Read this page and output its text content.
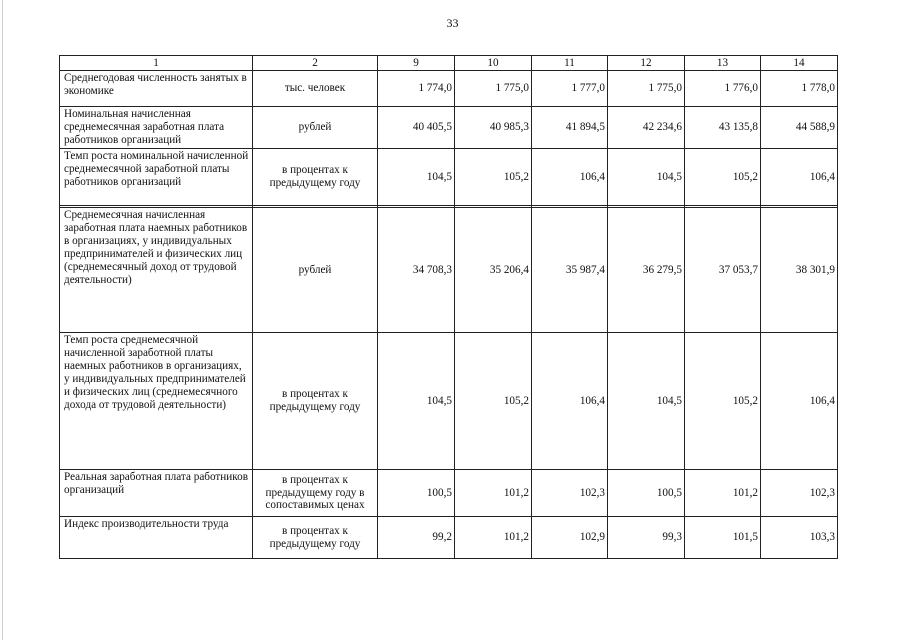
33
1	2	9	10	11	12	13	14
Среднегодовая численность занятых в экономике	тыс. человек	1 774,0	1 775,0	1 777,0	1 775,0	1 776,0	1 778,0
Номинальная начисленная среднемесячная заработная плата работников организаций	рублей	40 405,5	40 985,3	41 894,5	42 234,6	43 135,8	44 588,9
Темп роста номинальной начисленной среднемесячной заработной платы работников организаций	в процентах к предыдущему году	104,5	105,2	106,4	104,5	105,2	106,4

Среднемесячная начисленная заработная плата наемных работников в организациях, у индивидуальных предпринимателей и физических лиц (среднемесячный доход от трудовой деятельности)	рублей	34 708,3	35 206,4	35 987,4	36 279,5	37 053,7	38 301,9
Темп роста среднемесячной начисленной заработной платы наемных работников в организациях, у индивидуальных предпринимателей и физических лиц (среднемесячного дохода от трудовой деятельности)	в процентах к предыдущему году	104,5	105,2	106,4	104,5	105,2	106,4
Реальная заработная плата работников организаций	в процентах к предыдущему году в сопоставимых ценах	100,5	101,2	102,3	100,5	101,2	102,3
Индекс производительности труда	в процентах к предыдущему году	99,2	101,2	102,9	99,3	101,5	103,3
